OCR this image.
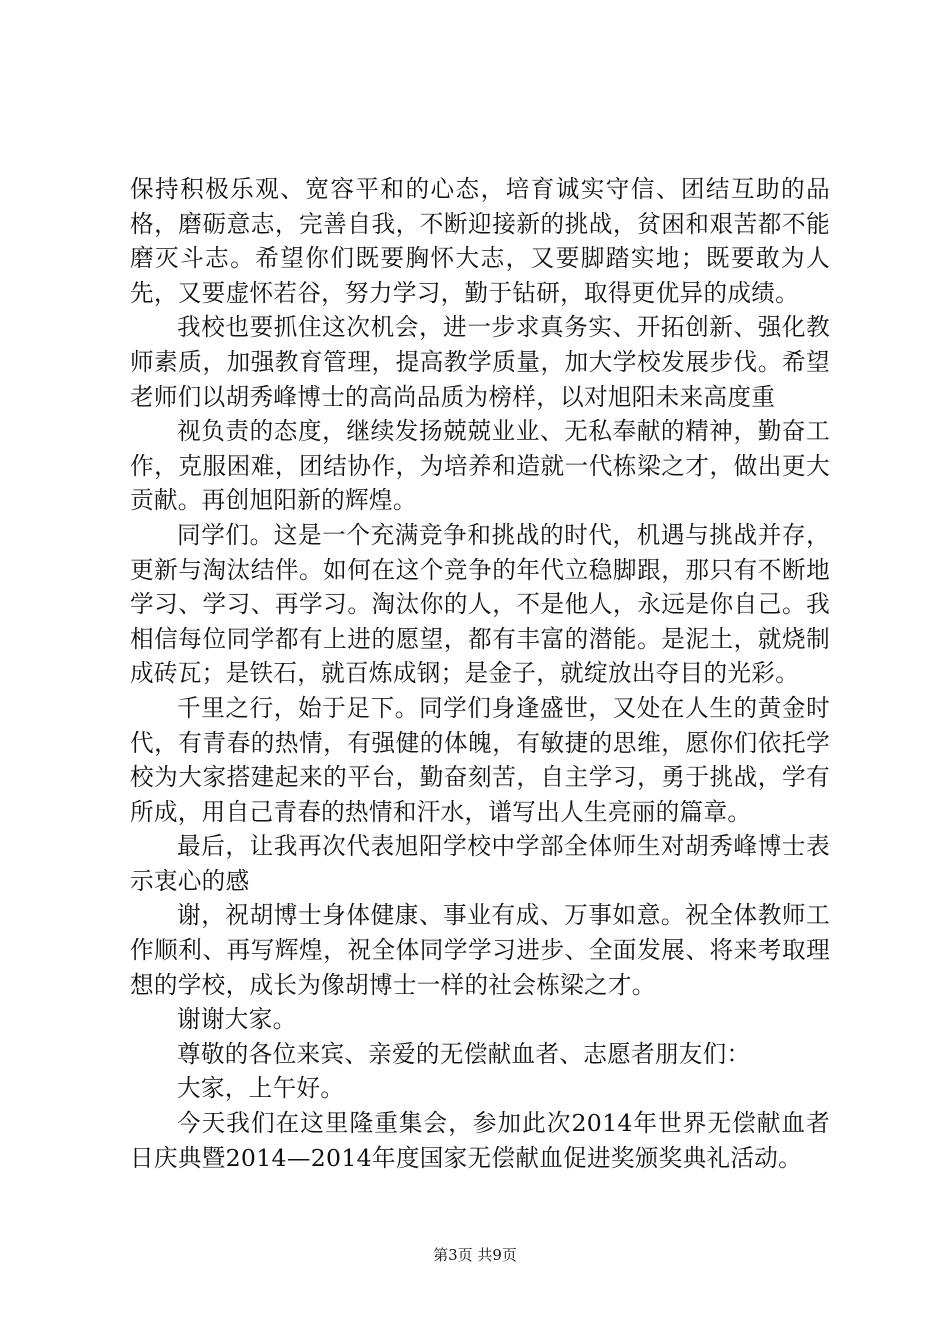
保持积极乐观、宽容平和的心态，培育诚实守信、团结互助的品格，磨砺意志，完善自我，不断迎接新的挑战，贫困和艰苦都不能磨灭斗志。希望你们既要胸怀大志，又要脚踏实地；既要敢为人先，又要虚怀若谷，努力学习，勤于钻研，取得更优异的成绩。

我校也要抓住这次机会，进一步求真务实、开拓创新、强化教师素质，加强教育管理，提高教学质量，加大学校发展步伐。希望老师们以胡秀峰博士的高尚品质为榜样，以对旭阳未来高度重

视负责的态度，继续发扬兢兢业业、无私奉献的精神，勤奋工作，克服困难，团结协作，为培养和造就一代栋梁之才，做出更大贡献。再创旭阳新的辉煌。

同学们。这是一个充满竞争和挑战的时代，机遇与挑战并存，更新与淘汰结伴。如何在这个竞争的年代立稳脚跟，那只有不断地学习、学习、再学习。淘汰你的人，不是他人，永远是你自己。我相信每位同学都有上进的愿望，都有丰富的潜能。是泥土，就烧制成砖瓦；是铁石，就百炼成钢；是金子，就绽放出夺目的光彩。

千里之行，始于足下。同学们身逢盛世，又处在人生的黄金时代，有青春的热情，有强健的体魄，有敏捷的思维，愿你们依托学校为大家搭建起来的平台，勤奋刻苦，自主学习，勇于挑战，学有所成，用自己青春的热情和汗水，谱写出人生亮丽的篇章。

最后，让我再次代表旭阳学校中学部全体师生对胡秀峰博士表示衷心的感

谢，祝胡博士身体健康、事业有成、万事如意。祝全体教师工作顺利、再写辉煌，祝全体同学学习进步、全面发展、将来考取理想的学校，成长为像胡博士一样的社会栋梁之才。

谢谢大家。

尊敬的各位来宾、亲爱的无偿献血者、志愿者朋友们：

大家，上午好。

今天我们在这里隆重集会，参加此次2014年世界无偿献血者日庆典暨2014—2014年度国家无偿献血促进奖颁奖典礼活动。

第3页 共9页
